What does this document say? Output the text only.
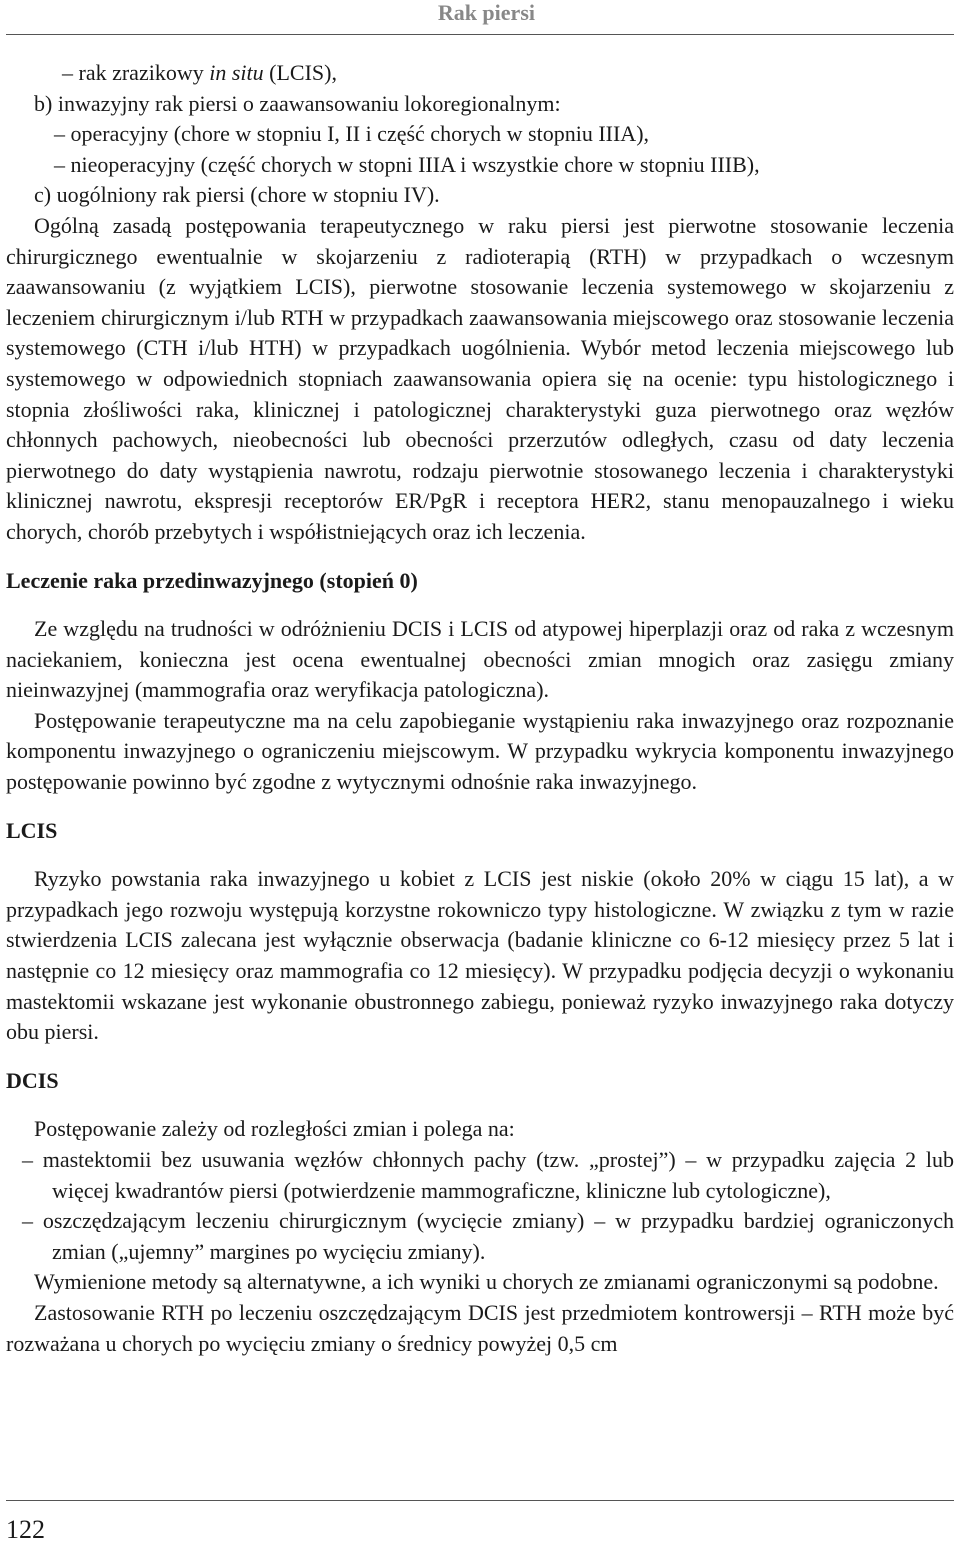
Rak piersi

– rak zrazikowy in situ (LCIS),

b) inwazyjny rak piersi o zaawansowaniu lokoregionalnym:

– operacyjny (chore w stopniu I, II i część chorych w stopniu IIIA),

– nieoperacyjny (część chorych w stopni IIIA i wszystkie chore w stopniu IIIB),

c) uogólniony rak piersi (chore w stopniu IV).

Ogólną zasadą postępowania terapeutycznego w raku piersi jest pierwotne stosowanie leczenia chirurgicznego ewentualnie w skojarzeniu z radioterapią (RTH) w przypadkach o wczesnym zaawansowaniu (z wyjątkiem LCIS), pierwotne stosowanie leczenia systemowego w skojarzeniu z leczeniem chirurgicznym i/lub RTH w przypadkach zaawansowania miejscowego oraz stosowanie leczenia systemowego (CTH i/lub HTH) w przypadkach uogólnienia. Wybór metod leczenia miejscowego lub systemowego w odpowiednich stopniach zaawansowania opiera się na ocenie: typu histologicznego i stopnia złośliwości raka, klinicznej i patologicznej charakterystyki guza pierwotnego oraz węzłów chłonnych pachowych, nieobecności lub obecności przerzutów odległych, czasu od daty leczenia pierwotnego do daty wystąpienia nawrotu, rodzaju pierwotnie stosowanego leczenia i charakterystyki klinicznej nawrotu, ekspresji receptorów ER/PgR i receptora HER2, stanu menopauzalnego i wieku chorych, chorób przebytych i współistniejących oraz ich leczenia.

Leczenie raka przedinwazyjnego (stopień 0)

Ze względu na trudności w odróżnieniu DCIS i LCIS od atypowej hiperplazji oraz od raka z wczesnym naciekaniem, konieczna jest ocena ewentualnej obecności zmian mnogich oraz zasięgu zmiany nieinwazyjnej (mammografia oraz weryfikacja patologiczna).

Postępowanie terapeutyczne ma na celu zapobieganie wystąpieniu raka inwazyjnego oraz rozpoznanie komponentu inwazyjnego o ograniczeniu miejscowym. W przypadku wykrycia komponentu inwazyjnego postępowanie powinno być zgodne z wytycznymi odnośnie raka inwazyjnego.

LCIS

Ryzyko powstania raka inwazyjnego u kobiet z LCIS jest niskie (około 20% w ciągu 15 lat), a w przypadkach jego rozwoju występują korzystne rokowniczo typy histologiczne. W związku z tym w razie stwierdzenia LCIS zalecana jest wyłącznie obserwacja (badanie kliniczne co 6-12 miesięcy przez 5 lat i następnie co 12 miesięcy oraz mammografia co 12 miesięcy). W przypadku podjęcia decyzji o wykonaniu mastektomii wskazane jest wykonanie obustronnego zabiegu, ponieważ ryzyko inwazyjnego raka dotyczy obu piersi.

DCIS

Postępowanie zależy od rozległości zmian i polega na:

– mastektomii bez usuwania węzłów chłonnych pachy (tzw. „prostej”) – w przypadku zajęcia 2 lub więcej kwadrantów piersi (potwierdzenie mammograficzne, kliniczne lub cytologiczne),

– oszczędzającym leczeniu chirurgicznym (wycięcie zmiany) – w przypadku bardziej ograniczonych zmian („ujemny” margines po wycięciu zmiany).

Wymienione metody są alternatywne, a ich wyniki u chorych ze zmianami ograniczonymi są podobne.

Zastosowanie RTH po leczeniu oszczędzającym DCIS jest przedmiotem kontrowersji – RTH może być rozważana u chorych po wycięciu zmiany o średnicy powyżej 0,5 cm

122
